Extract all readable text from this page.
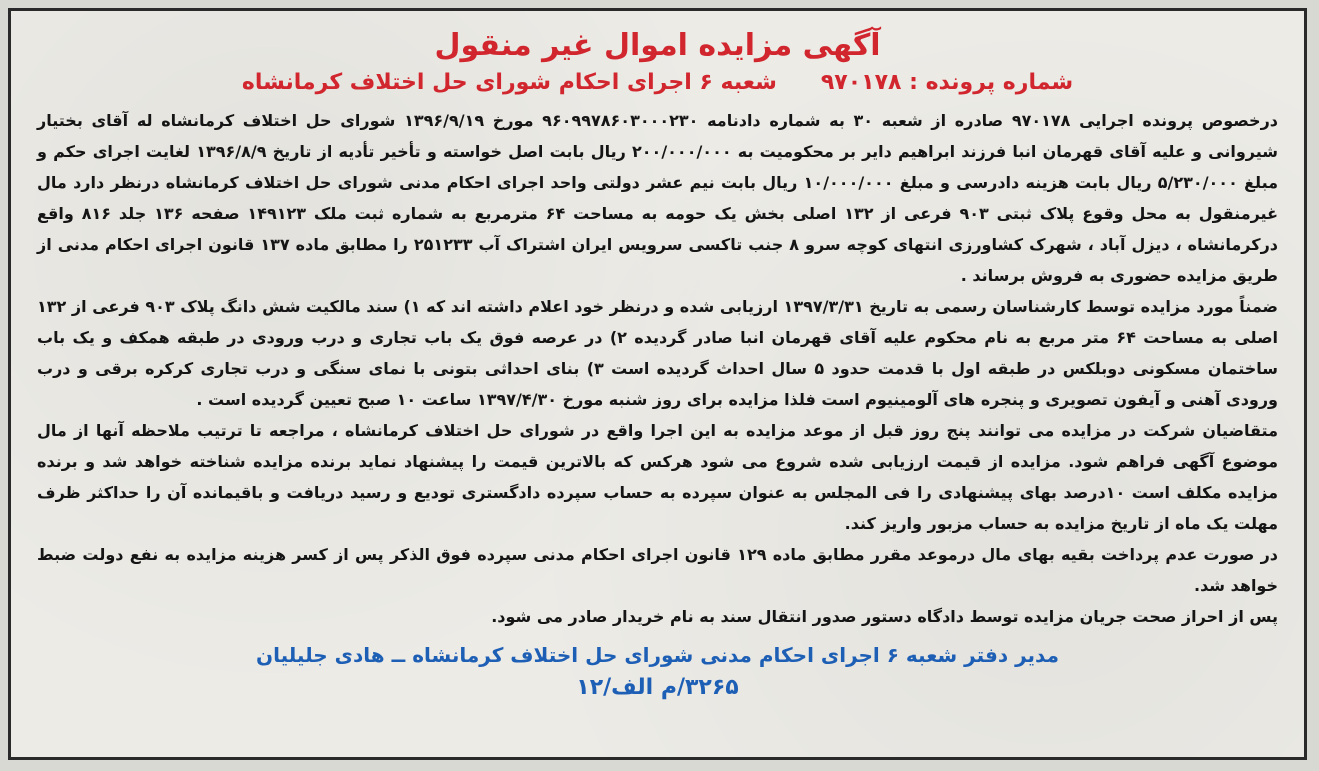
آگهی مزایده اموال غیر منقول
شماره پرونده : ۹۷۰۱۷۸
شعبه ۶ اجرای احکام شورای حل اختلاف کرمانشاه

درخصوص پرونده اجرایی ۹۷۰۱۷۸ صادره از شعبه ۳۰ به شماره دادنامه ۹۶۰۹۹۷۸۶۰۳۰۰۰۲۳۰ مورخ ۱۳۹۶/۹/۱۹ شورای حل اختلاف کرمانشاه له آقای بختیار شیروانی و علیه آقای قهرمان انبا فرزند ابراهیم دایر بر محکومیت به ۲۰۰/۰۰۰/۰۰۰ ریال بابت اصل خواسته و تأخیر تأدیه از تاریخ ۱۳۹۶/۸/۹ لغایت اجرای حکم و مبلغ ۵/۲۳۰/۰۰۰ ریال بابت هزینه دادرسی و مبلغ ۱۰/۰۰۰/۰۰۰ ریال بابت نیم عشر دولتی واحد اجرای احکام مدنی شورای حل اختلاف کرمانشاه درنظر دارد مال غیرمنقول به محل وقوع پلاک ثبتی ۹۰۳ فرعی از ۱۳۲ اصلی بخش یک حومه به مساحت ۶۴ مترمربع به شماره ثبت ملک ۱۴۹۱۲۳ صفحه ۱۳۶ جلد ۸۱۶ واقع درکرمانشاه ، دیزل آباد ، شهرک کشاورزی انتهای کوچه سرو ۸ جنب تاکسی سرویس ایران اشتراک آب ۲۵۱۲۳۳ را مطابق ماده ۱۳۷ قانون اجرای احکام مدنی از طریق مزایده حضوری به فروش برساند .

ضمناً مورد مزایده توسط کارشناسان رسمی به تاریخ ۱۳۹۷/۳/۳۱ ارزیابی شده و درنظر خود اعلام داشته اند که ۱) سند مالکیت شش دانگ پلاک ۹۰۳ فرعی از ۱۳۲ اصلی به مساحت ۶۴ متر مربع به نام محکوم علیه آقای قهرمان انبا صادر گردیده ۲) در عرصه فوق یک باب تجاری و درب ورودی در طبقه همکف و یک باب ساختمان مسکونی دوبلکس در طبقه اول با قدمت حدود ۵ سال احداث گردیده است ۳) بنای احداثی بتونی با نمای سنگی و درب تجاری کرکره برقی و درب ورودی آهنی و آیفون تصویری و پنجره های آلومینیوم است فلذا مزایده برای روز شنبه مورخ ۱۳۹۷/۴/۳۰ ساعت ۱۰ صبح تعیین گردیده است .

متقاضیان شرکت در مزایده می توانند پنج روز قبل از موعد مزایده به این اجرا واقع در شورای حل اختلاف کرمانشاه ، مراجعه تا ترتیب ملاحظه آنها از مال موضوع آگهی فراهم شود. مزایده از قیمت ارزیابی شده شروع می شود هرکس که بالاترین قیمت را پیشنهاد نماید برنده مزایده شناخته خواهد شد و برنده مزایده مکلف است ۱۰درصد بهای پیشنهادی را فی المجلس به عنوان سپرده به حساب سپرده دادگستری تودیع و رسید دریافت و باقیمانده آن را حداکثر ظرف مهلت یک ماه از تاریخ مزایده به حساب مزبور واریز کند.

در صورت عدم پرداخت بقیه بهای مال درموعد مقرر مطابق ماده ۱۲۹ قانون اجرای احکام مدنی سپرده فوق الذکر پس از کسر هزینه مزایده به نفع دولت ضبط خواهد شد.

پس از احراز صحت جریان مزایده توسط دادگاه دستور صدور انتقال سند به نام خریدار صادر می شود.

مدیر دفتر شعبه ۶ اجرای احکام مدنی شورای حل اختلاف کرمانشاه ــ هادی جلیلیان
۳۲۶۵/م الف/۱۲
